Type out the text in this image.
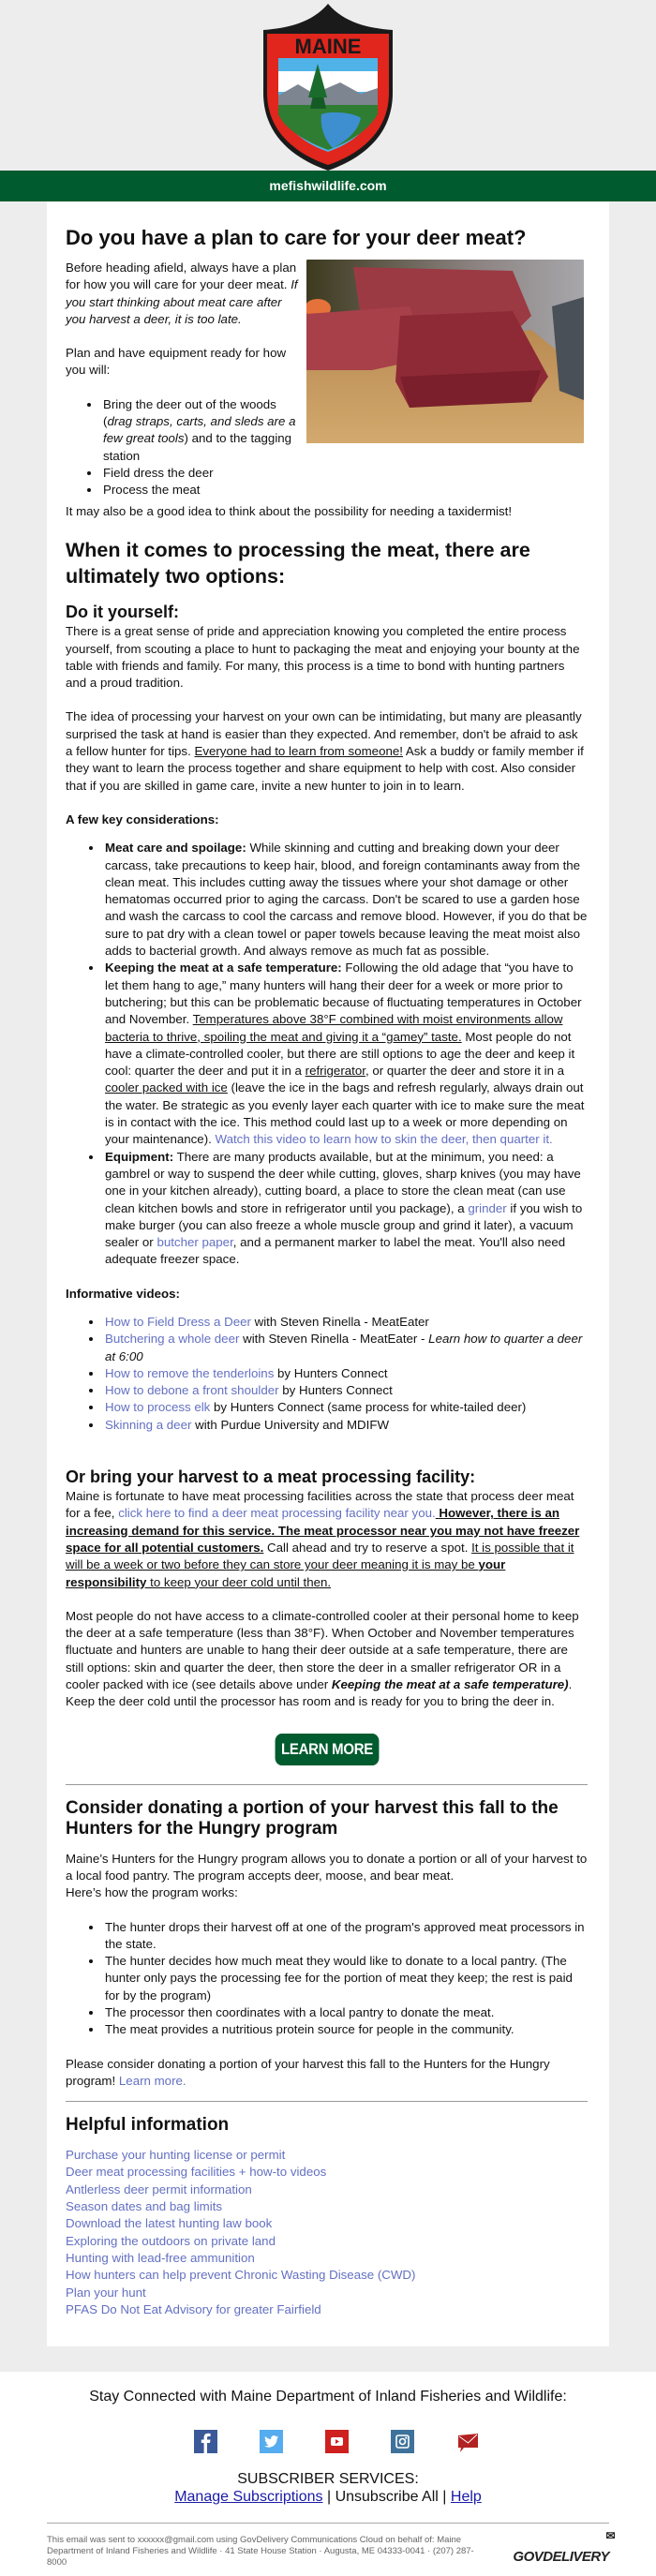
MAINE
mefishwildlife.com
Do you have a plan to care for your deer meat?

Before heading afield, always have a plan for how you will care for your deer meat. If you start thinking about meat care after you harvest a deer, it is too late.

Plan and have equipment ready for how you will:

• Bring the deer out of the woods (drag straps, carts, and sleds are a few great tools) and to the tagging station
• Field dress the deer
• Process the meat

It may also be a good idea to think about the possibility for needing a taxidermist!

When it comes to processing the meat, there are ultimately two options:
Do it yourself:

There is a great sense of pride and appreciation knowing you completed the entire process yourself, from scouting a place to hunt to packaging the meat and enjoying your bounty at the table with friends and family. For many, this process is a time to bond with hunting partners and a proud tradition.

The idea of processing your harvest on your own can be intimidating, but many are pleasantly surprised the task at hand is easier than they expected. And remember, don't be afraid to ask a fellow hunter for tips. Everyone had to learn from someone! Ask a buddy or family member if they want to learn the process together and share equipment to help with cost. Also consider that if you are skilled in game care, invite a new hunter to join in to learn.

A few key considerations:
• Meat care and spoilage: While skinning and cutting and breaking down your deer carcass, take precautions to keep hair, blood, and foreign contaminants away from the clean meat. This includes cutting away the tissues where your shot damage or other hematomas occurred prior to aging the carcass. Don't be scared to use a garden hose and wash the carcass to cool the carcass and remove blood. However, if you do that be sure to pat dry with a clean towel or paper towels because leaving the meat moist also adds to bacterial growth. And always remove as much fat as possible.
• Keeping the meat at a safe temperature: Following the old adage that “you have to let them hang to age,” many hunters will hang their deer for a week or more prior to butchering; but this can be problematic because of fluctuating temperatures in October and November. Temperatures above 38°F combined with moist environments allow bacteria to thrive, spoiling the meat and giving it a “gamey” taste. Most people do not have a climate-controlled cooler, but there are still options to age the deer and keep it cool: quarter the deer and put it in a refrigerator, or quarter the deer and store it in a cooler packed with ice (leave the ice in the bags and refresh regularly, always drain out the water. Be strategic as you evenly layer each quarter with ice to make sure the meat is in contact with the ice. This method could last up to a week or more depending on your maintenance). Watch this video to learn how to skin the deer, then quarter it.
• Equipment: There are many products available, but at the minimum, you need: a gambrel or way to suspend the deer while cutting, gloves, sharp knives (you may have one in your kitchen already), cutting board, a place to store the clean meat (can use clean kitchen bowls and store in refrigerator until you package), a grinder if you wish to make burger (you can also freeze a whole muscle group and grind it later), a vacuum sealer or butcher paper, and a permanent marker to label the meat. You'll also need adequate freezer space.
Informative videos:
• How to Field Dress a Deer with Steven Rinella - MeatEater
• Butchering a whole deer with Steven Rinella - MeatEater - Learn how to quarter a deer at 6:00
• How to remove the tenderloins by Hunters Connect
• How to debone a front shoulder by Hunters Connect
• How to process elk by Hunters Connect (same process for white-tailed deer)
• Skinning a deer with Purdue University and MDIFW
Or bring your harvest to a meat processing facility:

Maine is fortunate to have meat processing facilities across the state that process deer meat for a fee, click here to find a deer meat processing facility near you. However, there is an increasing demand for this service. The meat processor near you may not have freezer space for all potential customers. Call ahead and try to reserve a spot. It is possible that it will be a week or two before they can store your deer meaning it is may be your responsibility to keep your deer cold until then.

Most people do not have access to a climate-controlled cooler at their personal home to keep the deer at a safe temperature (less than 38°F). When October and November temperatures fluctuate and hunters are unable to hang their deer outside at a safe temperature, there are still options: skin and quarter the deer, then store the deer in a smaller refrigerator OR in a cooler packed with ice (see details above under Keeping the meat at a safe temperature). Keep the deer cold until the processor has room and is ready for you to bring the deer in.

LEARN MORE
Consider donating a portion of your harvest this fall to the Hunters for the Hungry program

Maine’s Hunters for the Hungry program allows you to donate a portion or all of your harvest to a local food pantry. The program accepts deer, moose, and bear meat.
Here’s how the program works:

• The hunter drops their harvest off at one of the program's approved meat processors in the state.
• The hunter decides how much meat they would like to donate to a local pantry. (The hunter only pays the processing fee for the portion of meat they keep; the rest is paid for by the program)
• The processor then coordinates with a local pantry to donate the meat.
• The meat provides a nutritious protein source for people in the community.

Please consider donating a portion of your harvest this fall to the Hunters for the Hungry program! Learn more.

Helpful information
Purchase your hunting license or permit
Deer meat processing facilities + how-to videos
Antlerless deer permit information
Season dates and bag limits
Download the latest hunting law book
Exploring the outdoors on private land
Hunting with lead-free ammunition
How hunters can help prevent Chronic Wasting Disease (CWD)
Plan your hunt
PFAS Do Not Eat Advisory for greater Fairfield
Stay Connected with Maine Department of Inland Fisheries and Wildlife:
SUBSCRIBER SERVICES:
Manage Subscriptions | Unsubscribe All | Help

This email was sent to xxxxxx@gmail.com using GovDelivery Communications Cloud on behalf of: Maine Department of Inland Fisheries and Wildlife · 41 State House Station · Augusta, ME 04333-0041 · (207) 287-8000	govdelivery
✉
